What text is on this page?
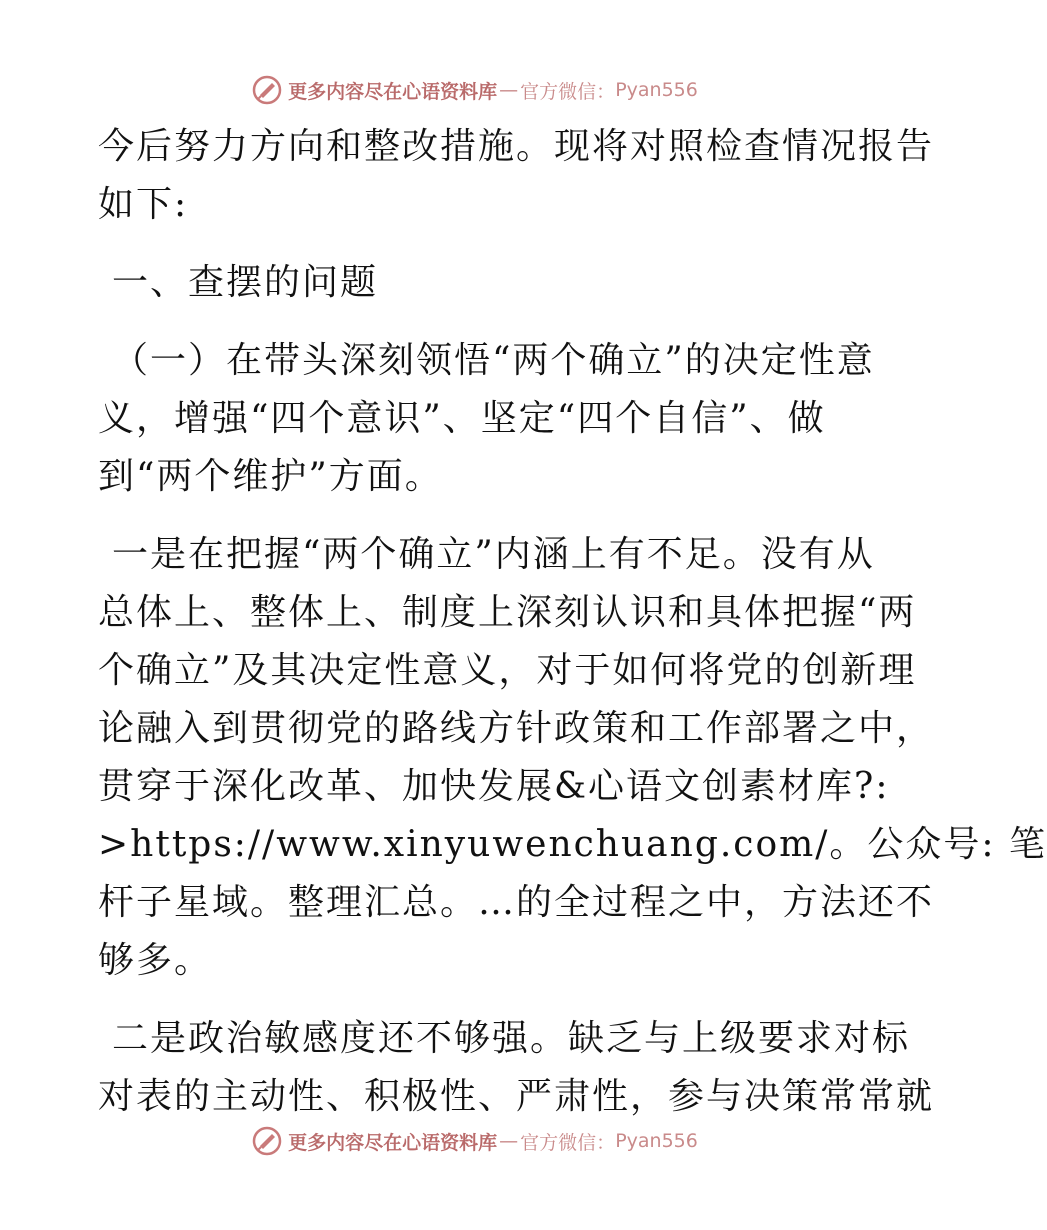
更多内容尽在心语资料库 — 官方微信： Pyan556
今后努力方向和整改措施。现将对照检查情况报告
如下:
一、查摆的问题
（一）在带头深刻领悟“两个确立”的决定性意
义，增强“四个意识”、坚定“四个自信”、做
到“两个维护”方面。
一是在把握“两个确立”内涵上有不足。没有从
总体上、整体上、制度上深刻认识和具体把握“两
个确立”及其决定性意义，对于如何将党的创新理
论融入到贯彻党的路线方针政策和工作部署之中，
贯穿于深化改革、加快发展&心语文创素材库?:
>https://www.xinyuwenchuang.com/。公众号: 笔
杆子星域。整理汇总。…的全过程之中，方法还不
够多。
二是政治敏感度还不够强。缺乏与上级要求对标
对表的主动性、积极性、严肃性，参与决策常常就
更多内容尽在心语资料库 — 官方微信： Pyan556
